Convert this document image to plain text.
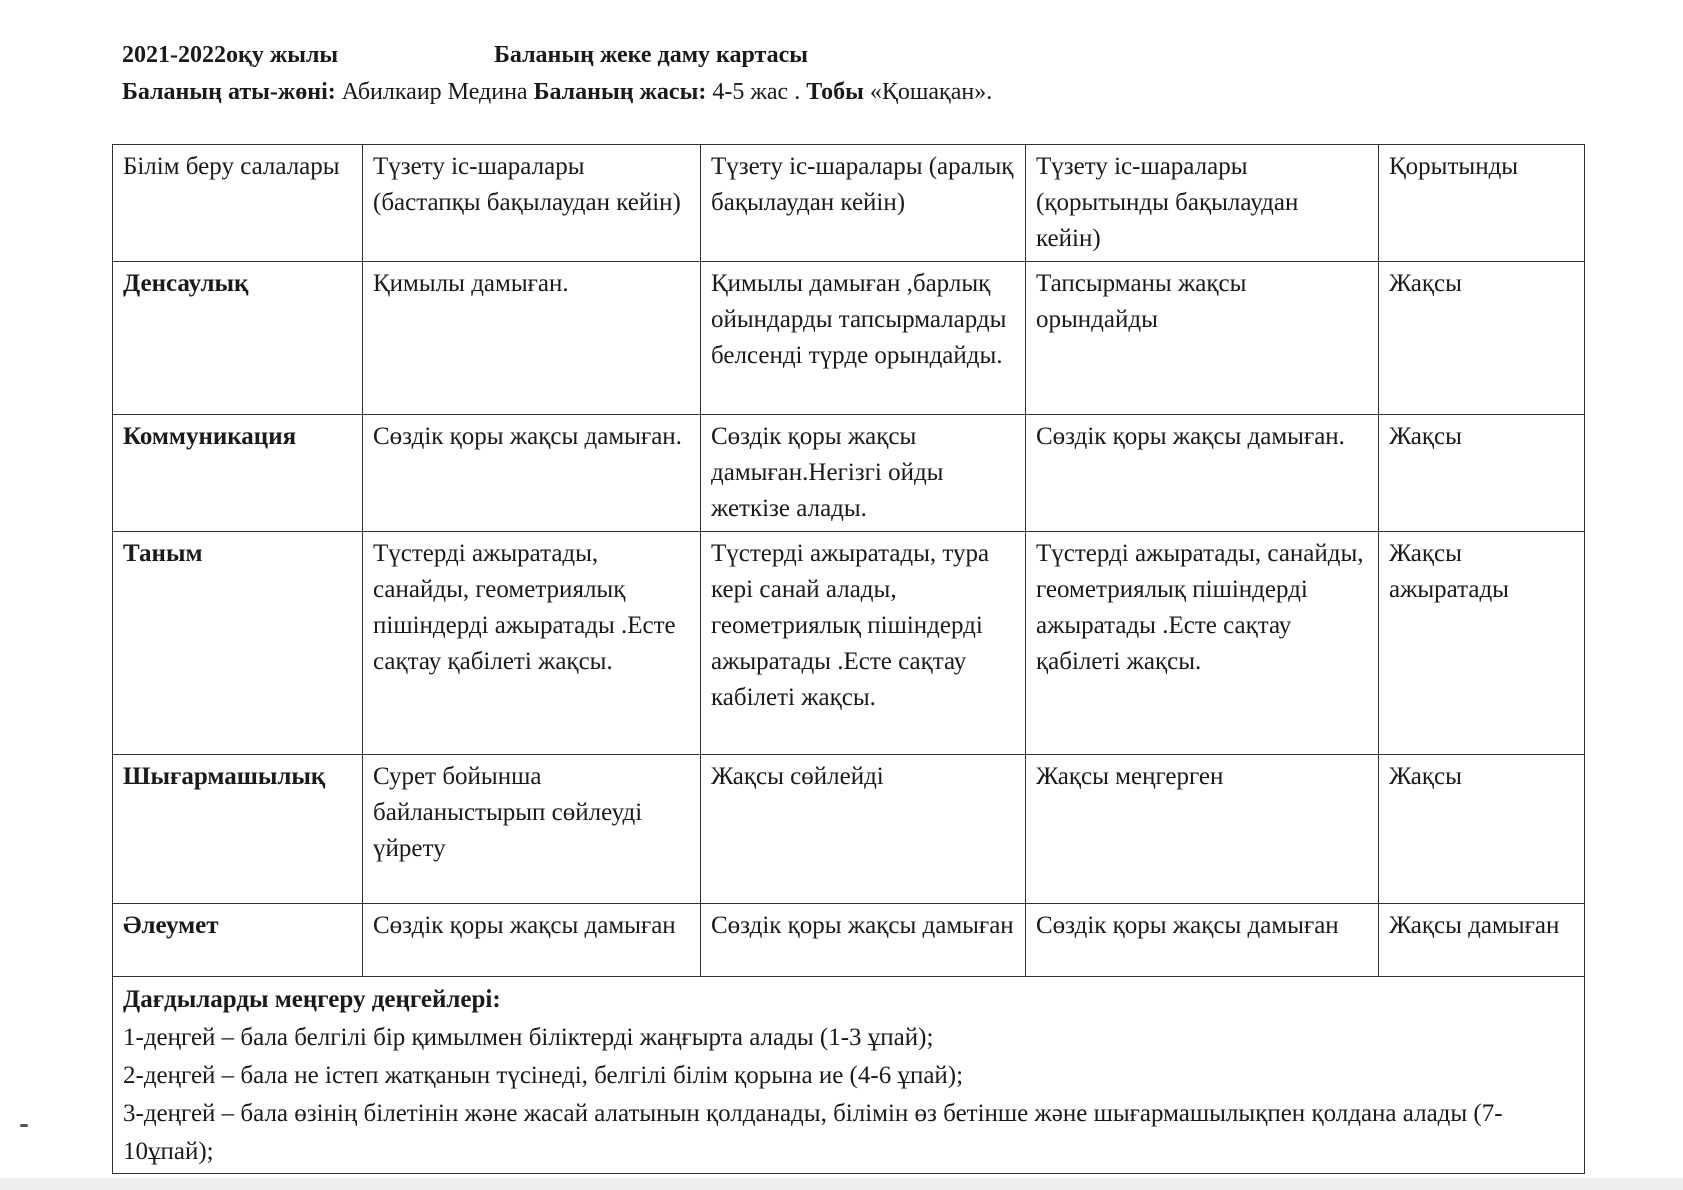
2021-2022оқу жылы	Баланың жеке даму картасы
Баланың аты-жөні: Абилкаир Медина Баланың жасы: 4-5 жас . Тобы «Қошақан».
Білім беру салалары	Түзету іс-шаралары (бастапқы бақылаудан кейін)	Түзету іс-шаралары (аралық бақылаудан кейін)	Түзету іс-шаралары (қорытынды бақылаудан кейін)	Қорытынды
Денсаулық	Қимылы дамыған.	Қимылы дамыған ,барлық ойындарды тапсырмаларды белсенді түрде орындайды.	Тапсырманы жақсы орындайды	Жақсы
Коммуникация	Сөздік қоры жақсы дамыған.	Сөздік қоры жақсы дамыған.Негізгі ойды жеткізе алады.	Сөздік қоры жақсы дамыған.	Жақсы
Таным	Түстерді ажыратады, санайды, геометриялық пішіндерді ажыратады .Есте сақтау қабілеті жақсы.	Түстерді ажыратады, тура кері санай алады, геометриялық пішіндерді ажыратады .Есте сақтау кабілеті жақсы.	Түстерді ажыратады, санайды, геометриялық пішіндерді ажыратады .Есте сақтау қабілеті жақсы.	Жақсы ажыратады
Шығармашылық	Сурет бойынша байланыстырып сөйлеуді үйрету	Жақсы сөйлейді	Жақсы меңгерген	Жақсы
Әлеумет	Сөздік қоры жақсы дамыған	Сөздік қоры жақсы дамыған	Сөздік қоры жақсы дамыған	Жақсы дамыған

Дағдыларды меңгеру деңгейлері:
1-деңгей – бала белгілі бір қимылмен біліктерді жаңғырта алады (1-3 ұпай);
2-деңгей – бала не істеп жатқанын түсінеді, белгілі білім қорына ие (4-6 ұпай);
3-деңгей – бала өзінің білетінін және жасай алатынын қолданады, білімін өз бетінше және шығармашылықпен қолдана алады (7-10ұпай);				
